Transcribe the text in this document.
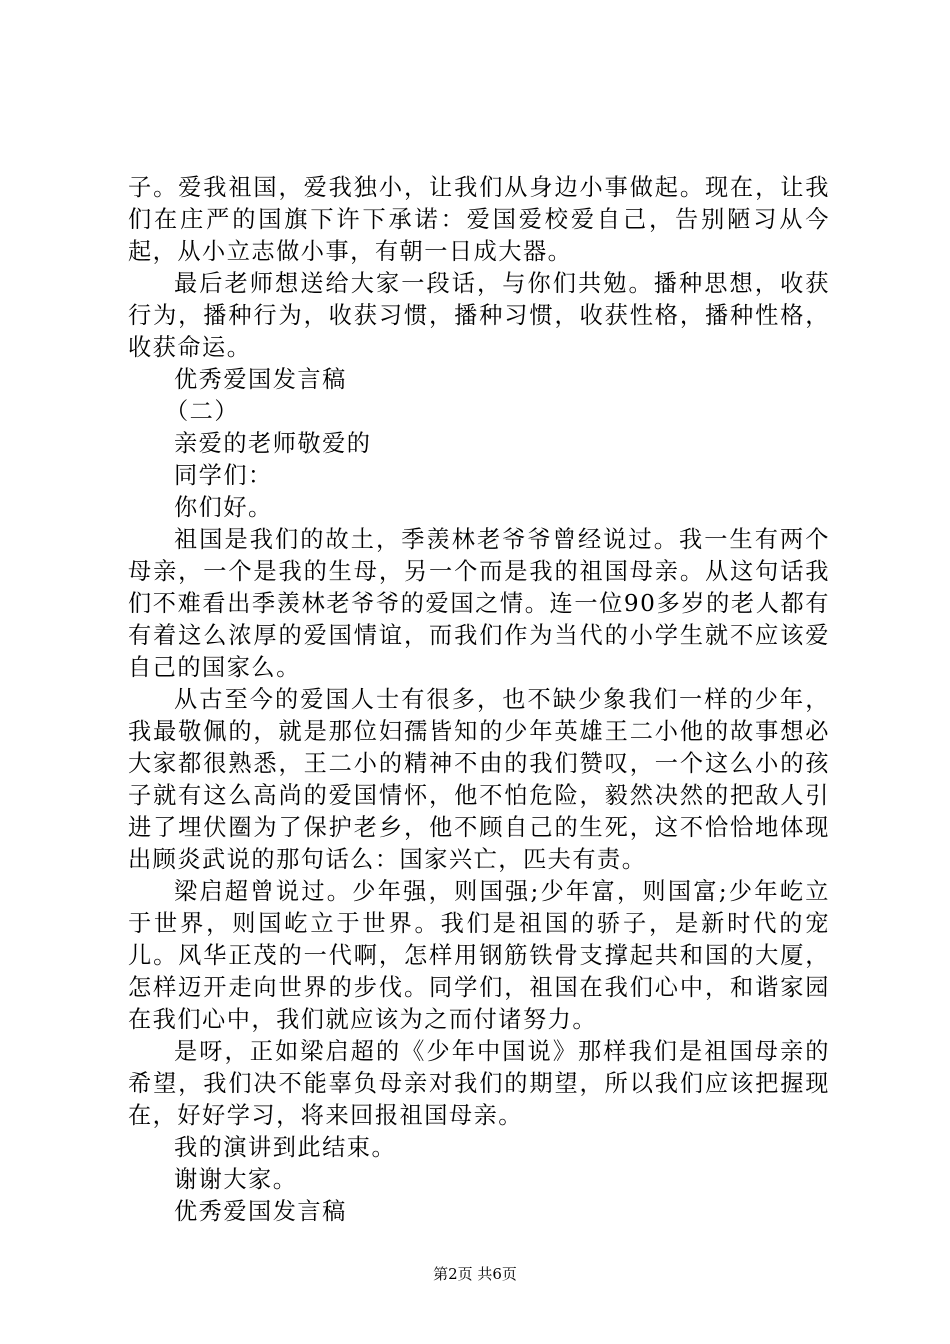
子。爱我祖国，爱我独小，让我们从身边小事做起。现在，让我们在庄严的国旗下许下承诺：爱国爱校爱自己，告别陋习从今起，从小立志做小事，有朝一日成大器。

最后老师想送给大家一段话，与你们共勉。播种思想，收获行为，播种行为，收获习惯，播种习惯，收获性格，播种性格，收获命运。

优秀爱国发言稿

（二）

亲爱的老师敬爱的

同学们：

你们好。

祖国是我们的故土，季羡林老爷爷曾经说过。我一生有两个母亲，一个是我的生母，另一个而是我的祖国母亲。从这句话我们不难看出季羡林老爷爷的爱国之情。连一位90多岁的老人都有有着这么浓厚的爱国情谊，而我们作为当代的小学生就不应该爱自己的国家么。

从古至今的爱国人士有很多，也不缺少象我们一样的少年，我最敬佩的，就是那位妇孺皆知的少年英雄王二小他的故事想必大家都很熟悉，王二小的精神不由的我们赞叹，一个这么小的孩子就有这么高尚的爱国情怀，他不怕危险，毅然决然的把敌人引进了埋伏圈为了保护老乡，他不顾自己的生死，这不恰恰地体现出顾炎武说的那句话么：国家兴亡，匹夫有责。

梁启超曾说过。少年强，则国强;少年富，则国富;少年屹立于世界，则国屹立于世界。我们是祖国的骄子，是新时代的宠儿。风华正茂的一代啊，怎样用钢筋铁骨支撑起共和国的大厦，怎样迈开走向世界的步伐。同学们，祖国在我们心中，和谐家园在我们心中，我们就应该为之而付诸努力。

是呀，正如梁启超的《少年中国说》那样我们是祖国母亲的希望，我们决不能辜负母亲对我们的期望，所以我们应该把握现在，好好学习，将来回报祖国母亲。

我的演讲到此结束。

谢谢大家。

优秀爱国发言稿

第2页 共6页
